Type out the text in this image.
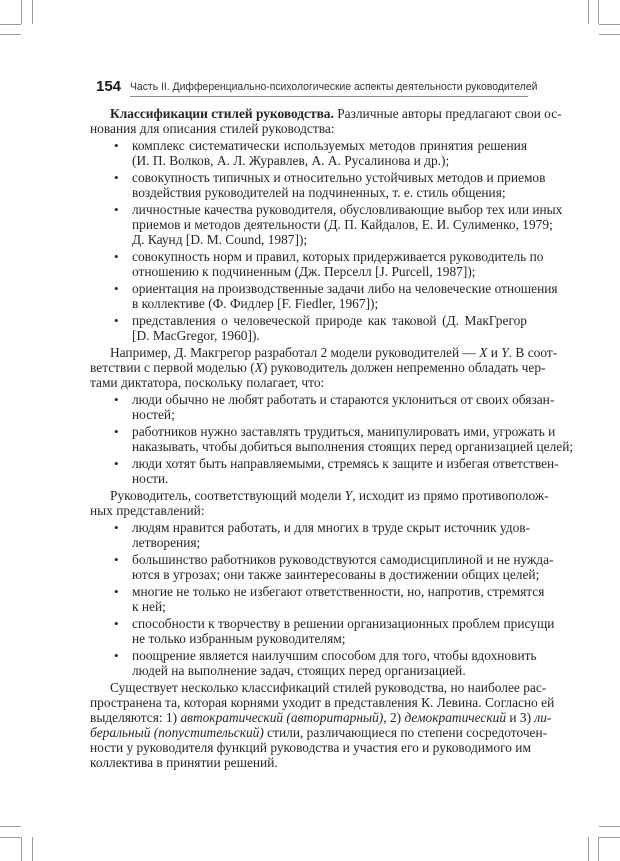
154 Часть II. Дифференциально-психологические аспекты деятельности руководителей
Классификации стилей руководства. Различные авторы предлагают свои ос-
нования для описания стилей руководства:
• комплекс систематически используемых методов принятия решения
(И. П. Волков, А. Л. Журавлев, А. А. Русалинова и др.);
• совокупность типичных и относительно устойчивых методов и приемов
воздействия руководителей на подчиненных, т. е. стиль общения;
• личностные качества руководителя, обусловливающие выбор тех или иных
приемов и методов деятельности (Д. П. Кайдалов, Е. И. Сулименко, 1979;
Д. Каунд [D. M. Cound, 1987]);
• совокупность норм и правил, которых придерживается руководитель по
отношению к подчиненным (Дж. Перселл [J. Purcell, 1987]);
• ориентация на производственные задачи либо на человеческие отношения
в коллективе (Ф. Фидлер [F. Fiedler, 1967]);
• представления о человеческой природе как таковой (Д. МакГрегор
[D. MacGregor, 1960]).
Например, Д. Макгрегор разработал 2 модели руководителей — X и Y. В соот-
ветствии с первой моделью (X) руководитель должен непременно обладать чер-
тами диктатора, поскольку полагает, что:
• люди обычно не любят работать и стараются уклониться от своих обязан-
ностей;
• работников нужно заставлять трудиться, манипулировать ими, угрожать и
наказывать, чтобы добиться выполнения стоящих перед организацией целей;
• люди хотят быть направляемыми, стремясь к защите и избегая ответствен-
ности.
Руководитель, соответствующий модели Y, исходит из прямо противополож-
ных представлений:
• людям нравится работать, и для многих в труде скрыт источник удов-
летворения;
• большинство работников руководствуются самодисциплиной и не нужда-
ются в угрозах; они также заинтересованы в достижении общих целей;
• многие не только не избегают ответственности, но, напротив, стремятся
к ней;
• способности к творчеству в решении организационных проблем присущи
не только избранным руководителям;
• поощрение является наилучшим способом для того, чтобы вдохновить
людей на выполнение задач, стоящих перед организацией.
Существует несколько классификаций стилей руководства, но наиболее рас-
пространена та, которая корнями уходит в представления К. Левина. Согласно ей
выделяются: 1) автократический (авторитарный), 2) демократический и 3) ли-
беральный (попустительский) стили, различающиеся по степени сосредоточен-
ности у руководителя функций руководства и участия его и руководимого им
коллектива в принятии решений.
